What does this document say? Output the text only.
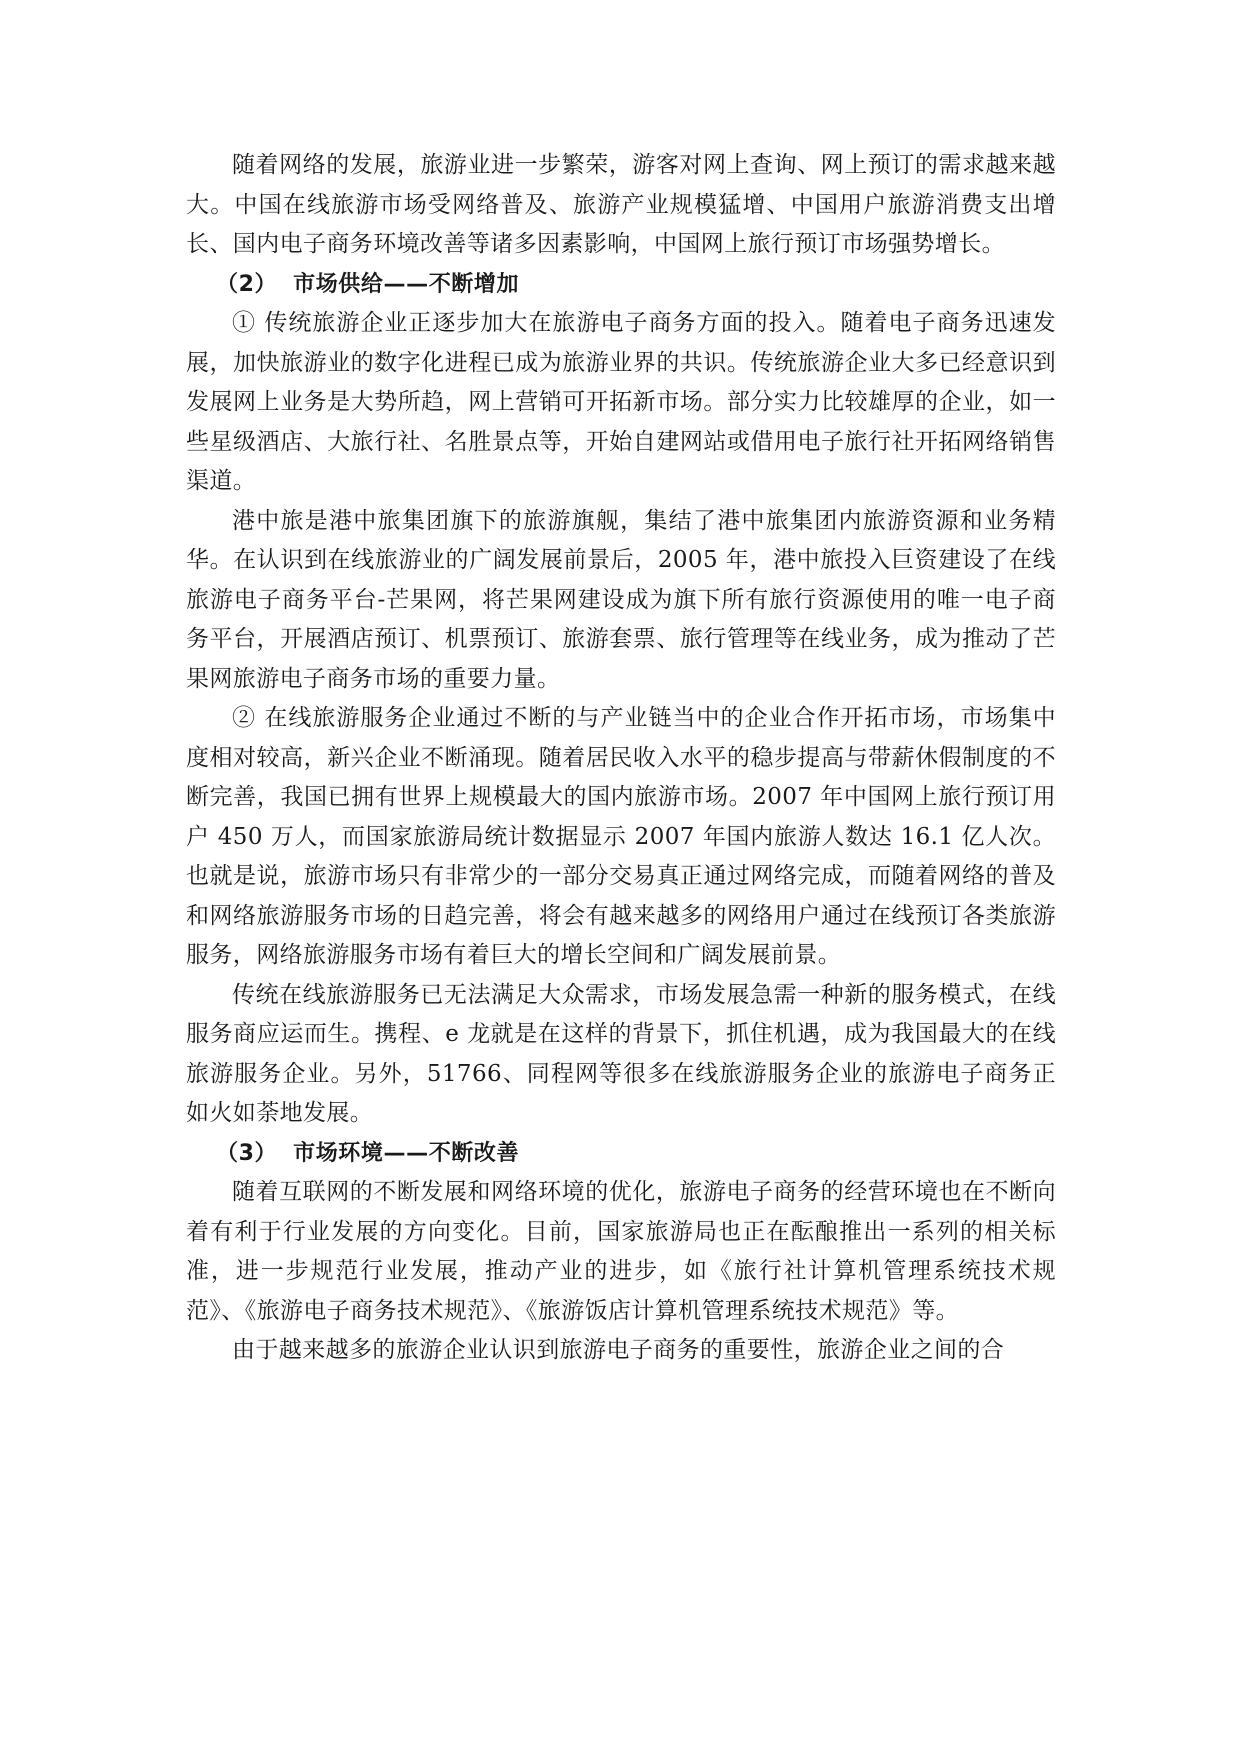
随着网络的发展，旅游业进一步繁荣，游客对网上查询、网上预订的需求越来越大。中国在线旅游市场受网络普及、旅游产业规模猛增、中国用户旅游消费支出增长、国内电子商务环境改善等诸多因素影响，中国网上旅行预订市场强势增长。

（2） 市场供给——不断增加

① 传统旅游企业正逐步加大在旅游电子商务方面的投入。随着电子商务迅速发展，加快旅游业的数字化进程已成为旅游业界的共识。传统旅游企业大多已经意识到发展网上业务是大势所趋，网上营销可开拓新市场。部分实力比较雄厚的企业，如一些星级酒店、大旅行社、名胜景点等，开始自建网站或借用电子旅行社开拓网络销售渠道。

港中旅是港中旅集团旗下的旅游旗舰，集结了港中旅集团内旅游资源和业务精华。在认识到在线旅游业的广阔发展前景后，2005 年，港中旅投入巨资建设了在线旅游电子商务平台-芒果网，将芒果网建设成为旗下所有旅行资源使用的唯一电子商务平台，开展酒店预订、机票预订、旅游套票、旅行管理等在线业务，成为推动了芒果网旅游电子商务市场的重要力量。

② 在线旅游服务企业通过不断的与产业链当中的企业合作开拓市场，市场集中度相对较高，新兴企业不断涌现。随着居民收入水平的稳步提高与带薪休假制度的不断完善，我国已拥有世界上规模最大的国内旅游市场。2007 年中国网上旅行预订用户 450 万人，而国家旅游局统计数据显示 2007 年国内旅游人数达 16.1 亿人次。也就是说，旅游市场只有非常少的一部分交易真正通过网络完成，而随着网络的普及和网络旅游服务市场的日趋完善，将会有越来越多的网络用户通过在线预订各类旅游服务，网络旅游服务市场有着巨大的增长空间和广阔发展前景。

传统在线旅游服务已无法满足大众需求，市场发展急需一种新的服务模式，在线服务商应运而生。携程、e 龙就是在这样的背景下，抓住机遇，成为我国最大的在线旅游服务企业。另外，51766、同程网等很多在线旅游服务企业的旅游电子商务正如火如荼地发展。

（3） 市场环境——不断改善

随着互联网的不断发展和网络环境的优化，旅游电子商务的经营环境也在不断向着有利于行业发展的方向变化。目前，国家旅游局也正在酝酿推出一系列的相关标准，进一步规范行业发展，推动产业的进步，如《旅行社计算机管理系统技术规范》、《旅游电子商务技术规范》、《旅游饭店计算机管理系统技术规范》等。

由于越来越多的旅游企业认识到旅游电子商务的重要性，旅游企业之间的合
